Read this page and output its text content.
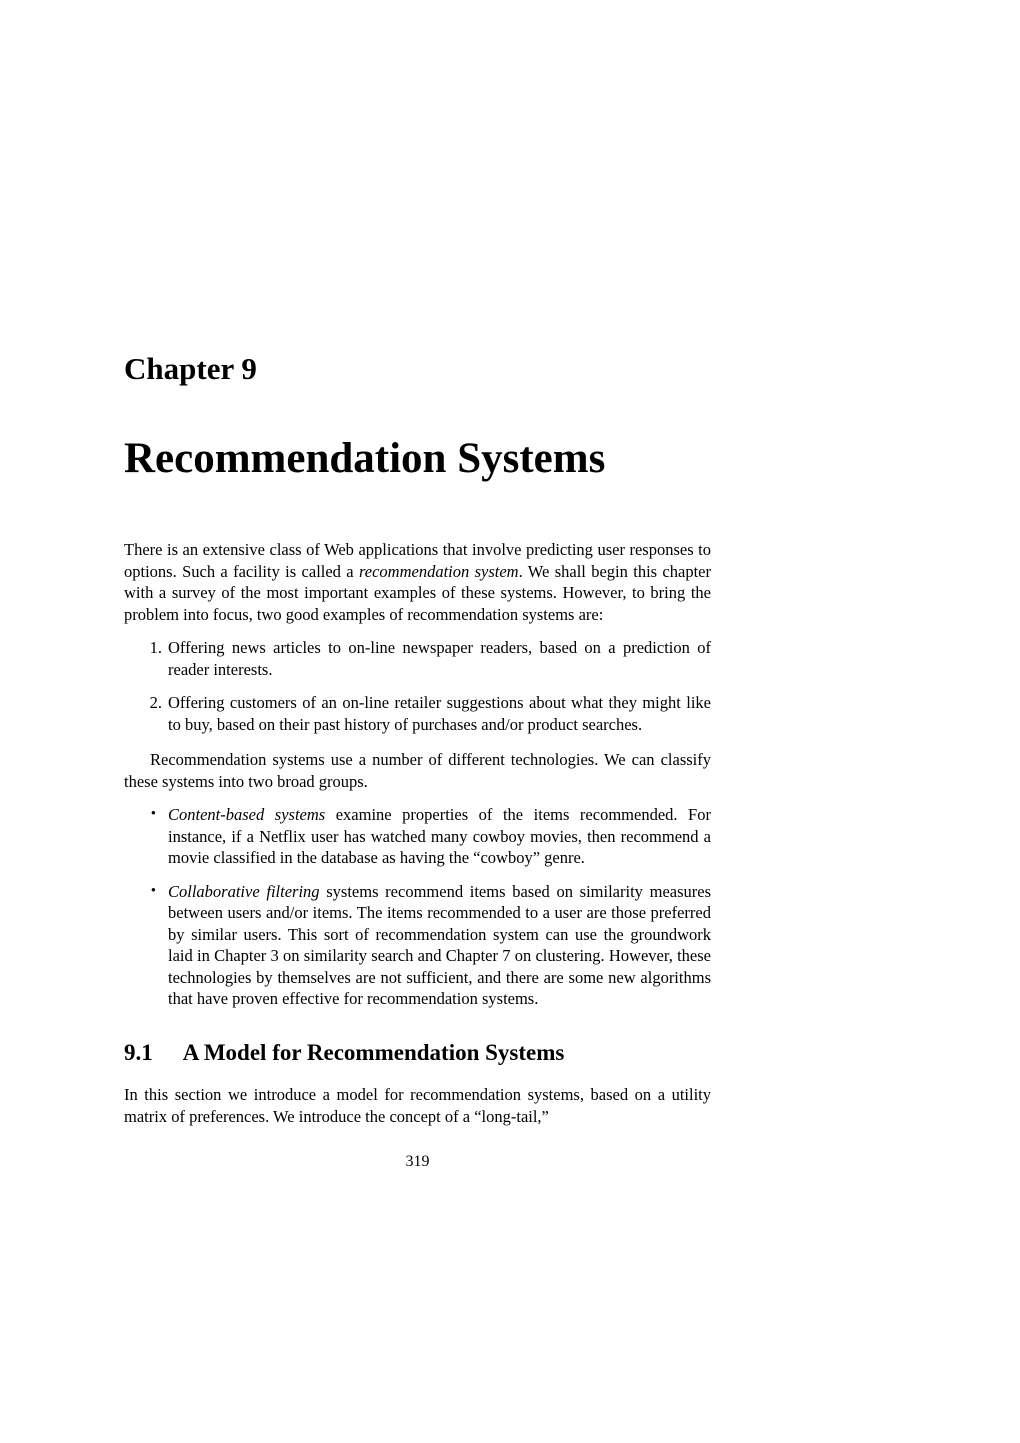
Chapter 9
Recommendation Systems

There is an extensive class of Web applications that involve predicting user responses to options. Such a facility is called a recommendation system. We shall begin this chapter with a survey of the most important examples of these systems. However, to bring the problem into focus, two good examples of recommendation systems are:

1. Offering news articles to on-line newspaper readers, based on a prediction of reader interests.
2. Offering customers of an on-line retailer suggestions about what they might like to buy, based on their past history of purchases and/or product searches.

Recommendation systems use a number of different technologies. We can classify these systems into two broad groups.

• Content-based systems examine properties of the items recommended. For instance, if a Netflix user has watched many cowboy movies, then recommend a movie classified in the database as having the “cowboy” genre.
• Collaborative filtering systems recommend items based on similarity measures between users and/or items. The items recommended to a user are those preferred by similar users. This sort of recommendation system can use the groundwork laid in Chapter 3 on similarity search and Chapter 7 on clustering. However, these technologies by themselves are not sufficient, and there are some new algorithms that have proven effective for recommendation systems.
9.1 A Model for Recommendation Systems

In this section we introduce a model for recommendation systems, based on a utility matrix of preferences. We introduce the concept of a “long-tail,”

319
